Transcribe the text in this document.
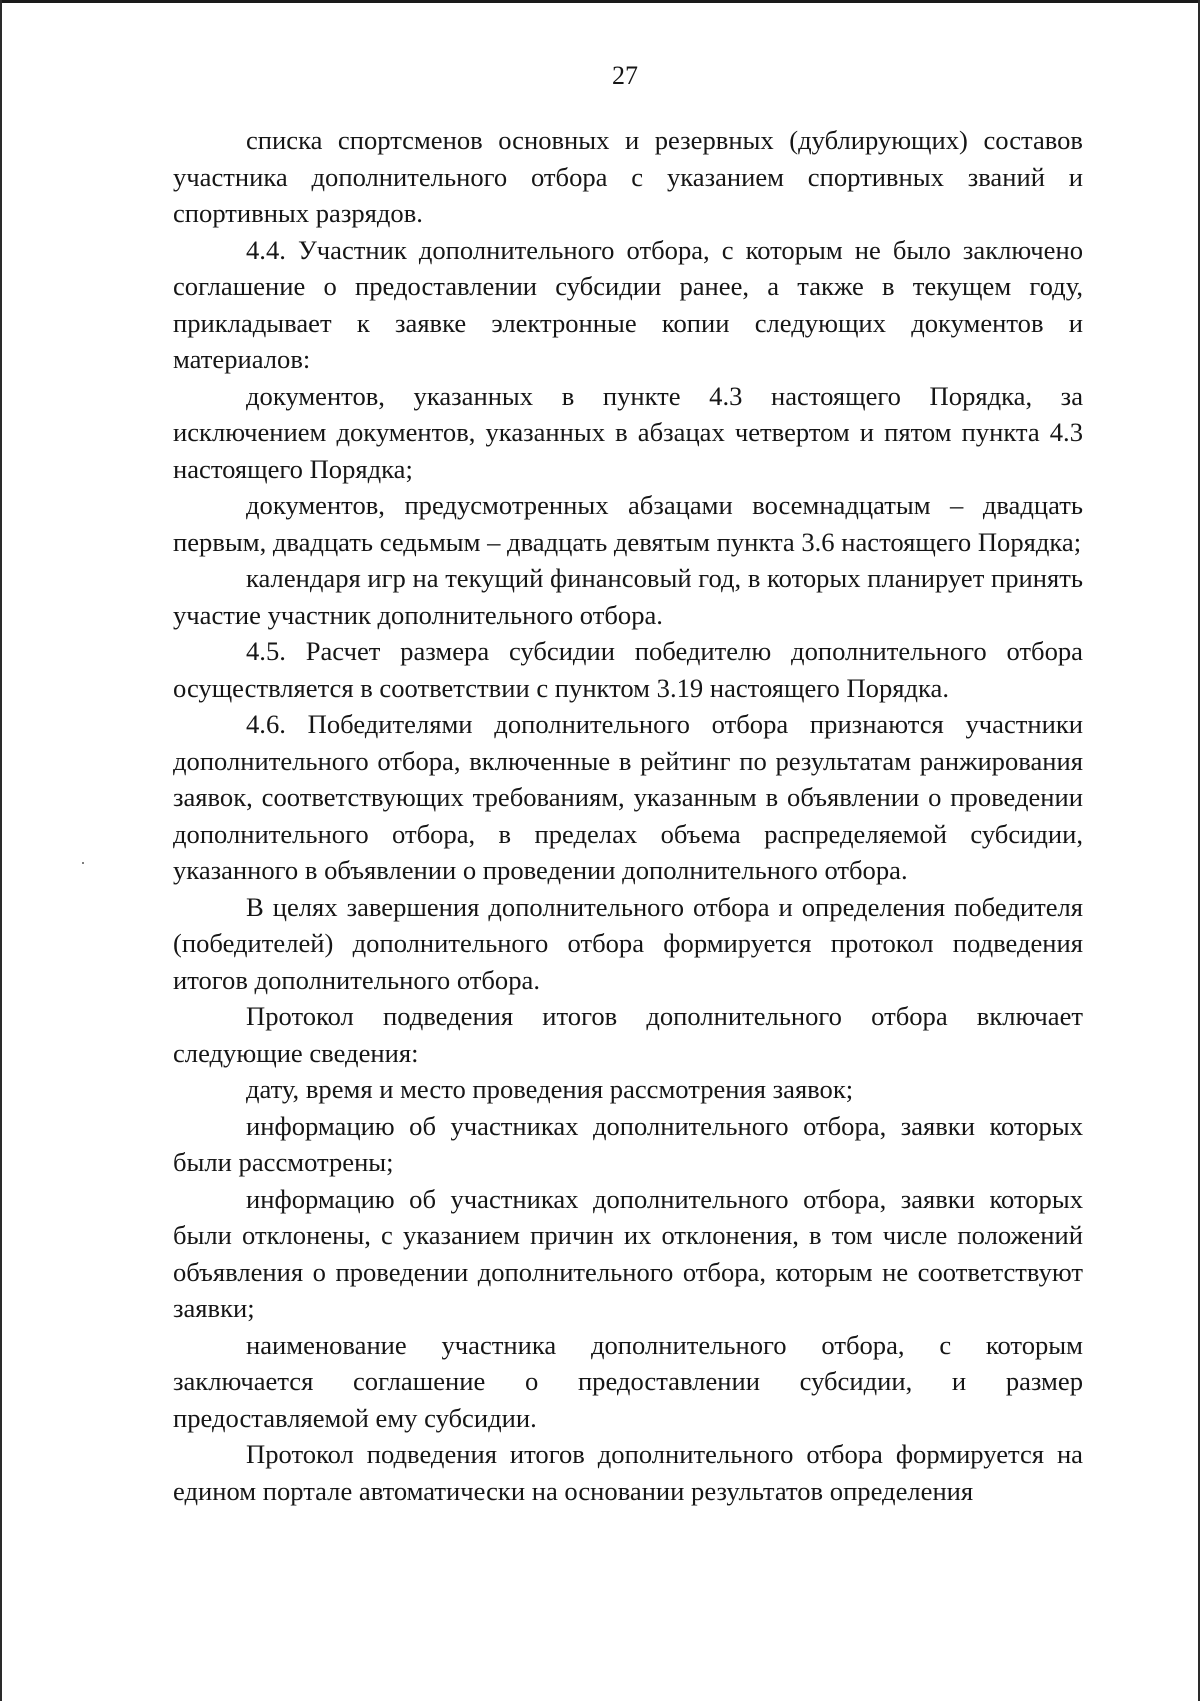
27

списка спортсменов основных и резервных (дублирующих) составов участника дополнительного отбора с указанием спортивных званий и спортивных разрядов.

4.4. Участник дополнительного отбора, с которым не было заключено соглашение о предоставлении субсидии ранее, а также в текущем году, прикладывает к заявке электронные копии следующих документов и материалов:

документов, указанных в пункте 4.3 настоящего Порядка, за исключением документов, указанных в абзацах четвертом и пятом пункта 4.3 настоящего Порядка;

документов, предусмотренных абзацами восемнадцатым – двадцать первым, двадцать седьмым – двадцать девятым пункта 3.6 настоящего Порядка;

календаря игр на текущий финансовый год, в которых планирует принять участие участник дополнительного отбора.

4.5. Расчет размера субсидии победителю дополнительного отбора осуществляется в соответствии с пунктом 3.19 настоящего Порядка.

4.6. Победителями дополнительного отбора признаются участники дополнительного отбора, включенные в рейтинг по результатам ранжирования заявок, соответствующих требованиям, указанным в объявлении о проведении дополнительного отбора, в пределах объема распределяемой субсидии, указанного в объявлении о проведении дополнительного отбора.

В целях завершения дополнительного отбора и определения победителя (победителей) дополнительного отбора формируется протокол подведения итогов дополнительного отбора.

Протокол подведения итогов дополнительного отбора включает следующие сведения:

дату, время и место проведения рассмотрения заявок;

информацию об участниках дополнительного отбора, заявки которых были рассмотрены;

информацию об участниках дополнительного отбора, заявки которых были отклонены, с указанием причин их отклонения, в том числе положений объявления о проведении дополнительного отбора, которым не соответствуют заявки;

наименование участника дополнительного отбора, с которым заключается соглашение о предоставлении субсидии, и размер предоставляемой ему субсидии.

Протокол подведения итогов дополнительного отбора формируется на едином портале автоматически на основании результатов определения
